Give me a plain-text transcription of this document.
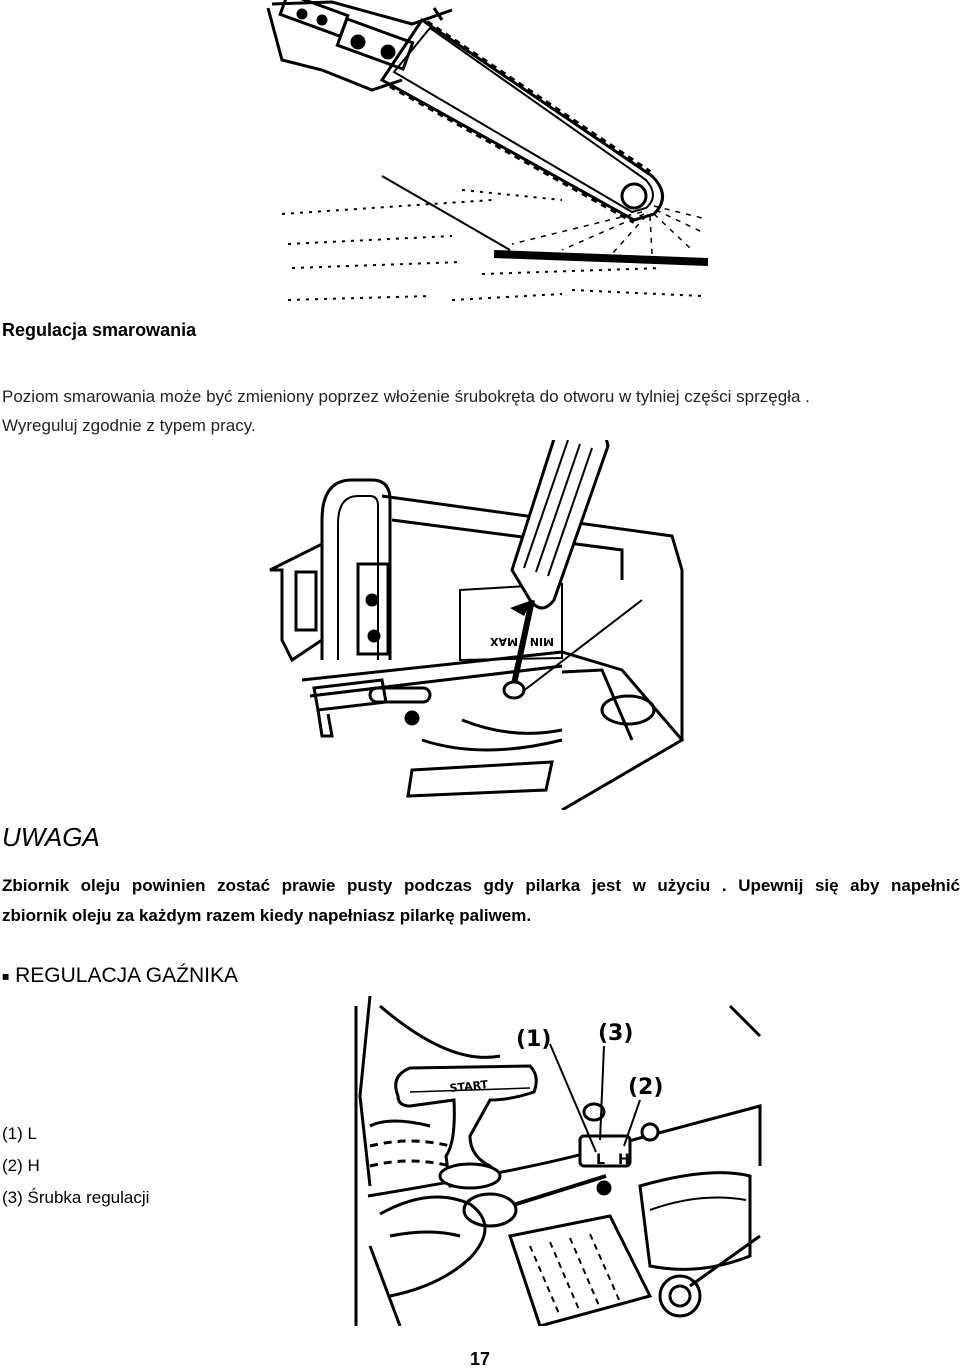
Regulacja smarowania
Poziom smarowania może być zmieniony poprzez włożenie śrubokręta do otworu w tylniej części sprzęgła .
Wyreguluj zgodnie z typem pracy.
MAX MIN
UWAGA
Zbiornik oleju powinien zostać prawie pusty podczas gdy pilarka jest w użyciu . Upewnij się aby napełnić
zbiornik oleju za każdym razem kiedy napełniasz pilarkę paliwem.
■ REGULACJA GAŹNIKA
(1) L
(2) H
(3) Śrubka regulacji
(1) (3)
(2)
START
H
L
17
